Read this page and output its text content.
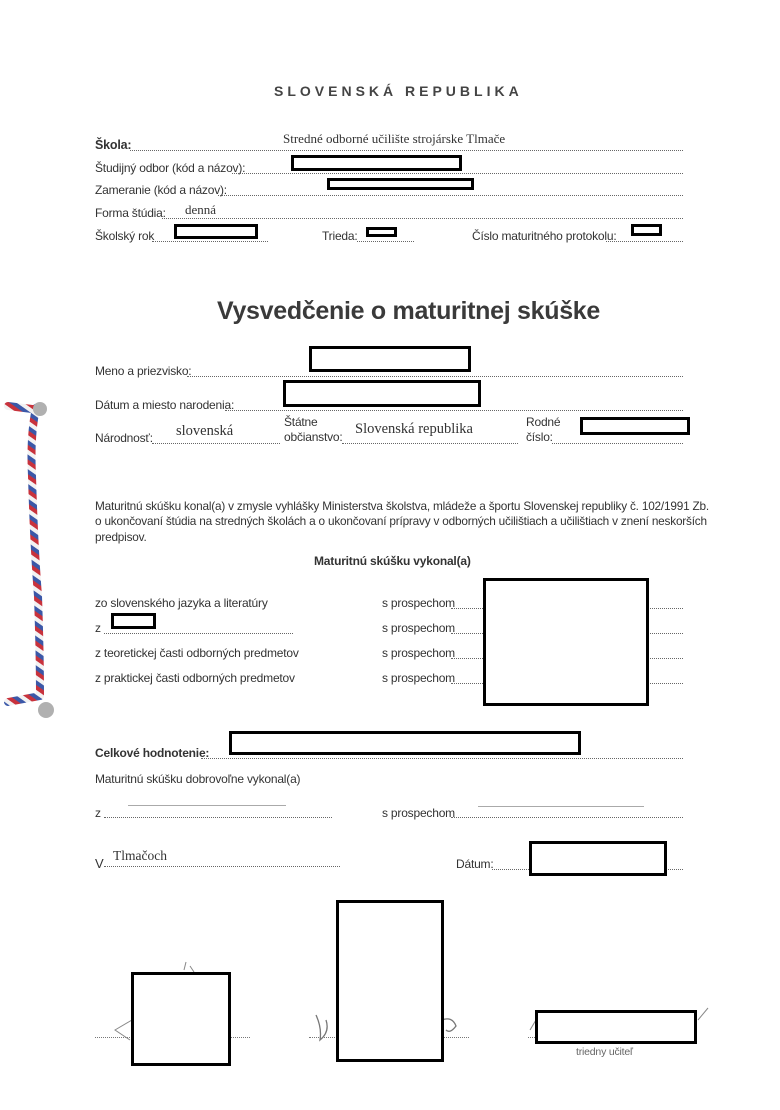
SLOVENSKÁ REPUBLIKA
Škola:	Stredné odborné učilište strojárske Tlmače
Študijný odbor (kód a názov):
Zameranie (kód a názov):
Forma štúdia: denná
Školský rok	Trieda:	Číslo maturitného protokolu:
Vysvedčenie o maturitnej skúške
Meno a priezvisko:
Dátum a miesto narodenia:
Národnosť: slovenská
Štátne
občianstvo: Slovenská republika	Rodné
číslo:
Maturitnú skúšku konal(a) v zmysle vyhlášky Ministerstva školstva, mládeže a športu Slovenskej republiky č. 102/1991 Zb.
o ukončovaní štúdia na stredných školách a o ukončovaní prípravy v odborných učilištiach a učilištiach v znení neskorších
predpisov.
Maturitnú skúšku vykonal(a)
zo slovenského jazyka a literatúry	s prospechom
z	s prospechom
z teoretickej časti odborných predmetov	s prospechom
z praktickej časti odborných predmetov	s prospechom
Celkové hodnotenie:
Maturitnú skúšku dobrovoľne vykonal(a)
z	s prospechom
V
Tlmačoch
Dátum:
triedny učiteľ
